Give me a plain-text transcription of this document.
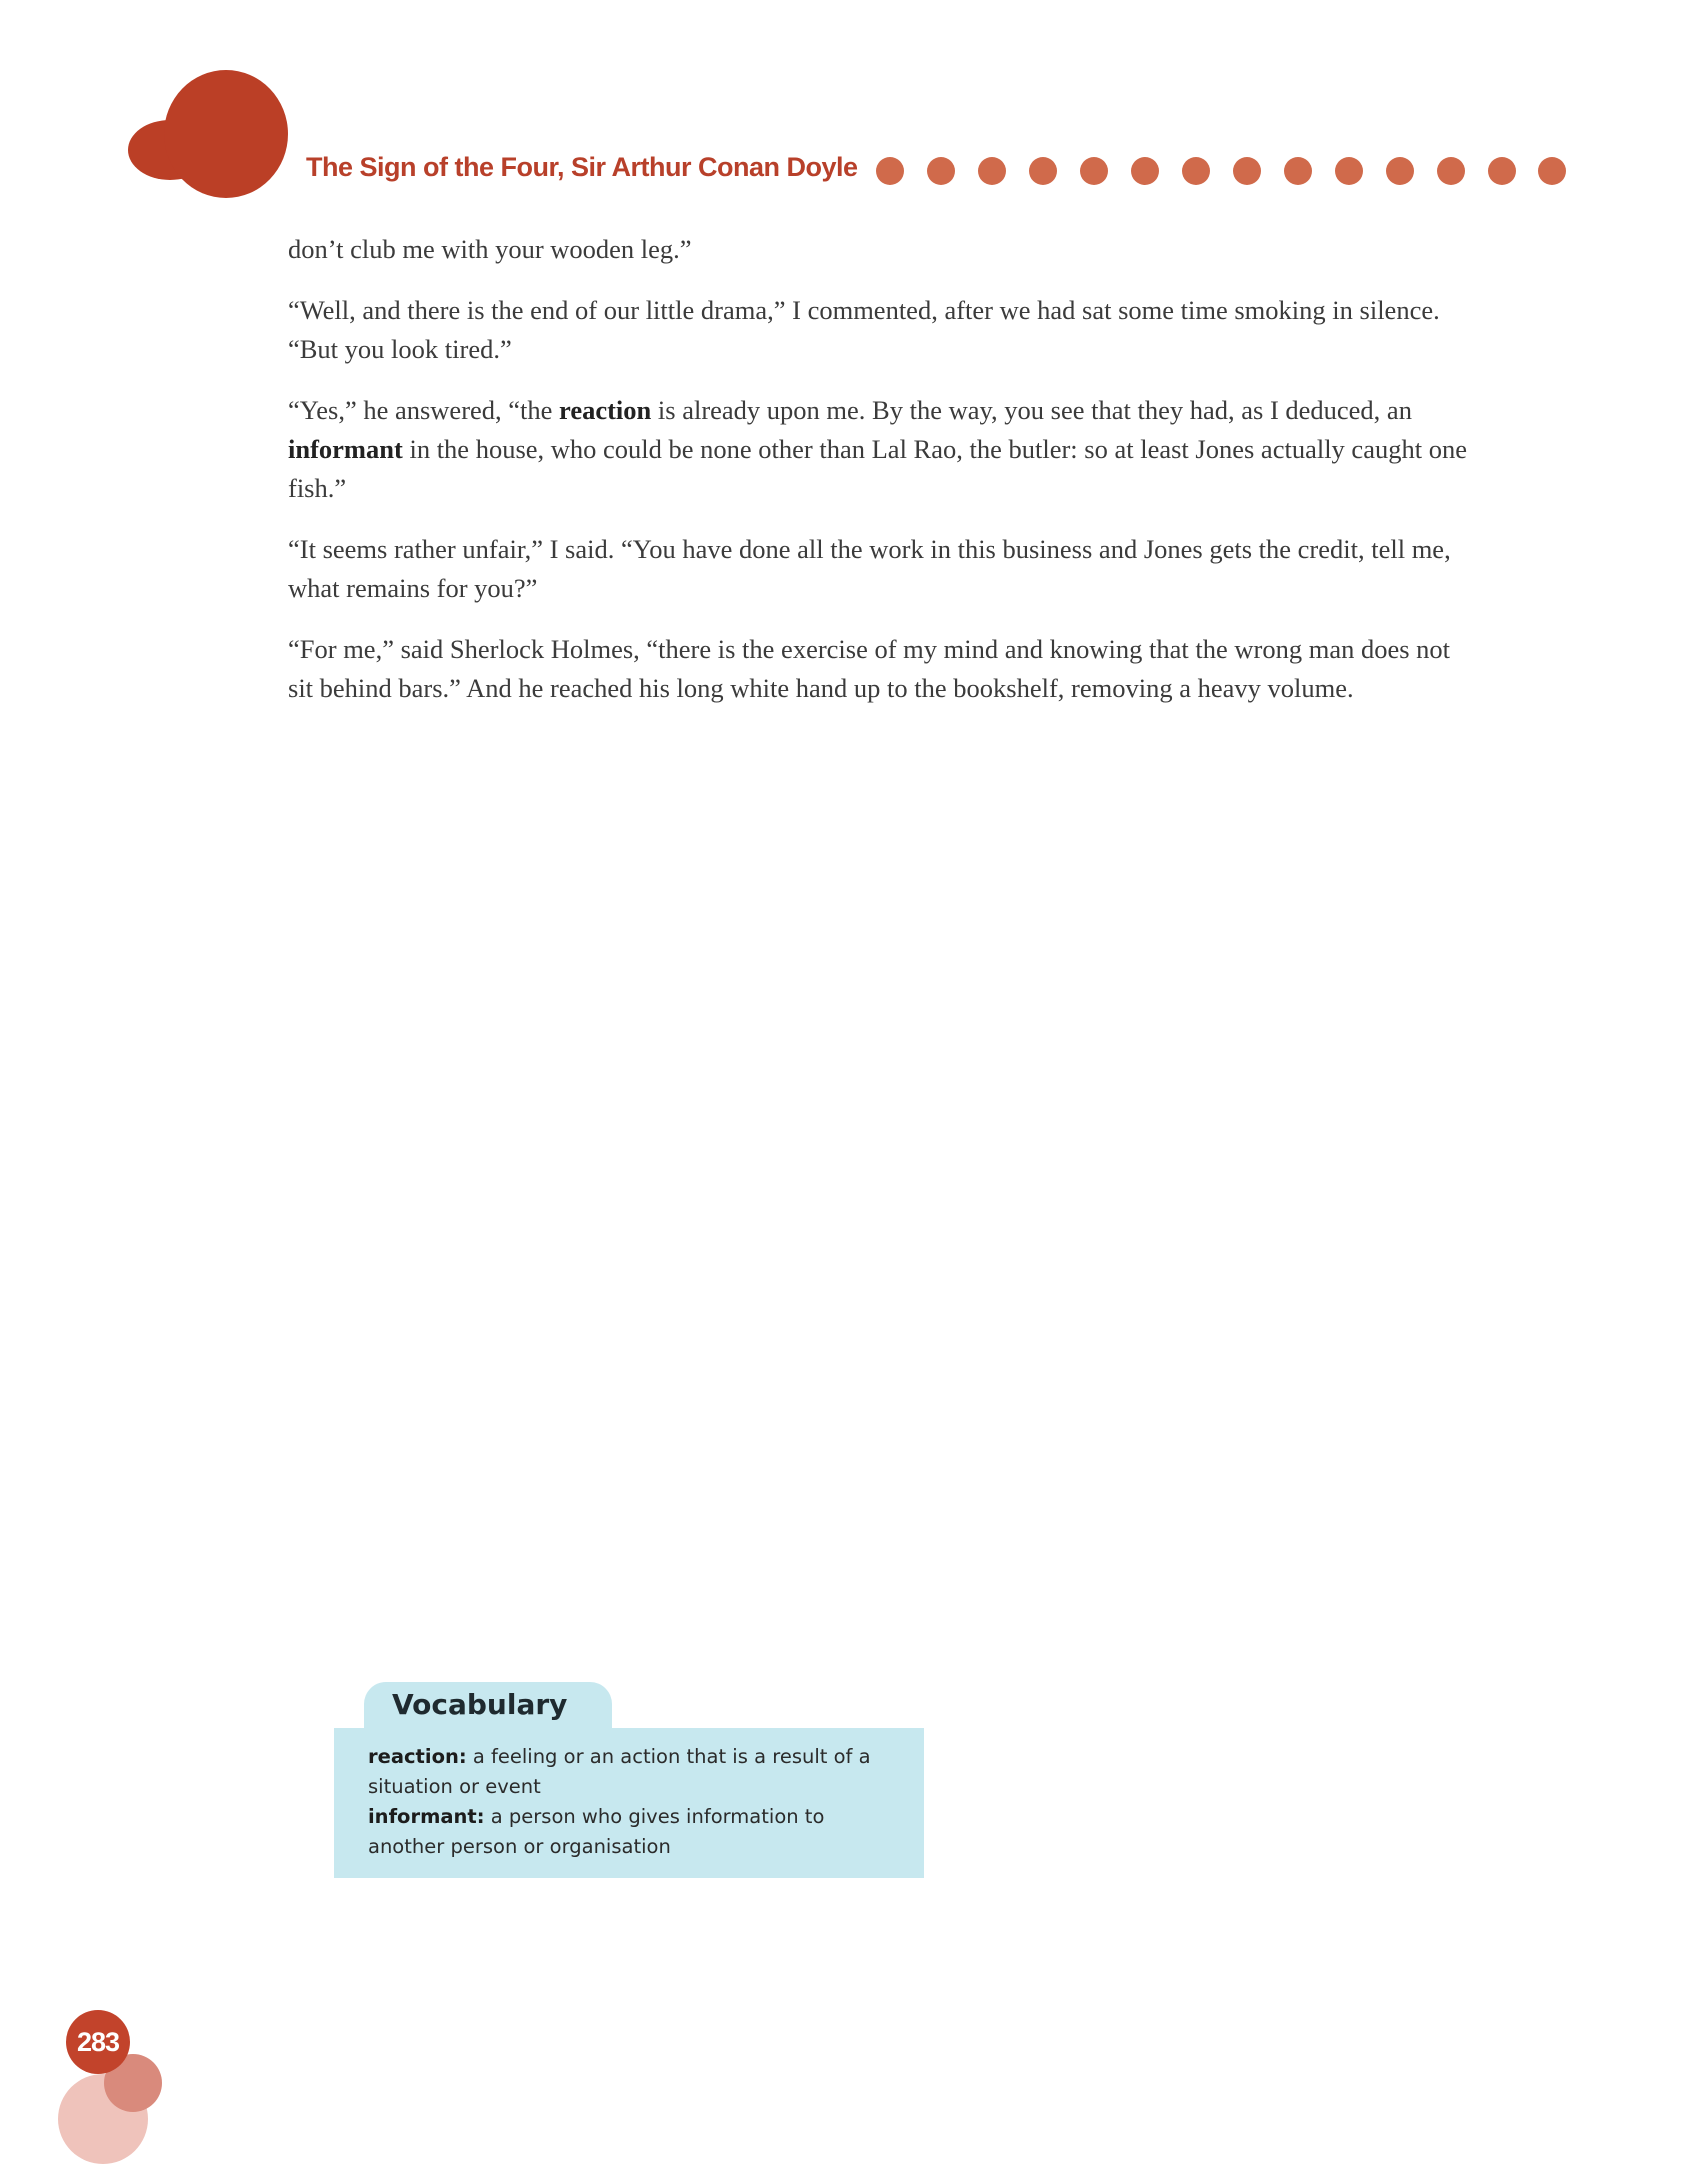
The Sign of the Four, Sir Arthur Conan Doyle

don’t club me with your wooden leg.”

“Well, and there is the end of our little drama,” I commented, after we had sat some time smoking in silence. “But you look tired.”

“Yes,” he answered, “the reaction is already upon me. By the way, you see that they had, as I deduced, an informant in the house, who could be none other than Lal Rao, the butler: so at least Jones actually caught one fish.”

“It seems rather unfair,” I said. “You have done all the work in this business and Jones gets the credit, tell me, what remains for you?”

“For me,” said Sherlock Holmes, “there is the exercise of my mind and knowing that the wrong man does not sit behind bars.” And he reached his long white hand up to the bookshelf, removing a heavy volume.

Vocabulary
reaction: a feeling or an action that is a result of a situation or event
informant: a person who gives information to another person or organisation
283
